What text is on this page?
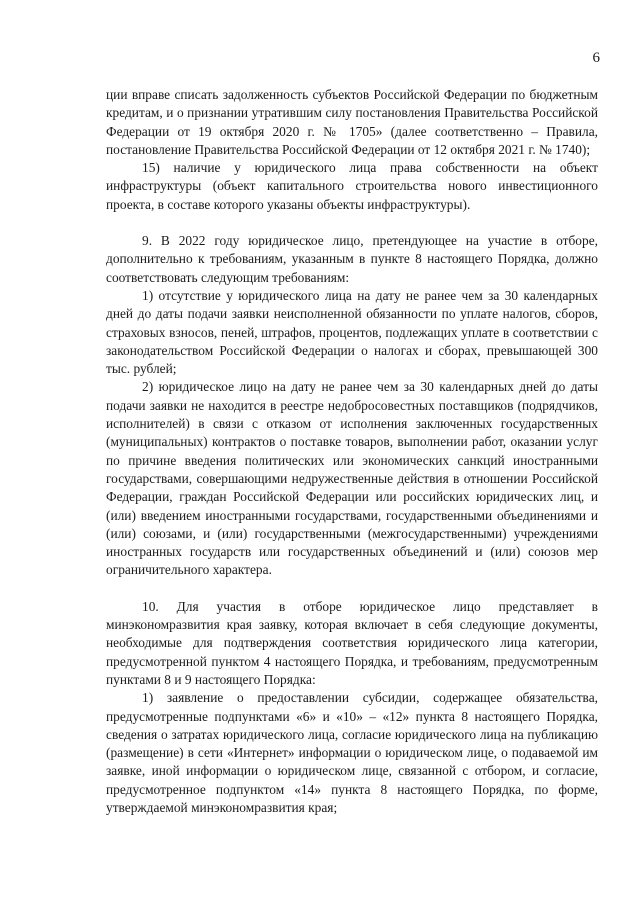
6

ции вправе списать задолженность субъектов Российской Федерации по бюджетным кредитам, и о признании утратившим силу постановления Правительства Российской Федерации от 19 октября 2020 г. № 1705» (далее соответственно – Правила, постановление Правительства Российской Федерации от 12 октября 2021 г. № 1740);

15) наличие у юридического лица права собственности на объект инфраструктуры (объект капитального строительства нового инвестиционного проекта, в составе которого указаны объекты инфраструктуры).

9. В 2022 году юридическое лицо, претендующее на участие в отборе, дополнительно к требованиям, указанным в пункте 8 настоящего Порядка, должно соответствовать следующим требованиям:

1) отсутствие у юридического лица на дату не ранее чем за 30 календарных дней до даты подачи заявки неисполненной обязанности по уплате налогов, сборов, страховых взносов, пеней, штрафов, процентов, подлежащих уплате в соответствии с законодательством Российской Федерации о налогах и сборах, превышающей 300 тыс. рублей;

2) юридическое лицо на дату не ранее чем за 30 календарных дней до даты подачи заявки не находится в реестре недобросовестных поставщиков (подрядчиков, исполнителей) в связи с отказом от исполнения заключенных государственных (муниципальных) контрактов о поставке товаров, выполнении работ, оказании услуг по причине введения политических или экономических санкций иностранными государствами, совершающими недружественные действия в отношении Российской Федерации, граждан Российской Федерации или российских юридических лиц, и (или) введением иностранными государствами, государственными объединениями и (или) союзами, и (или) государственными (межгосударственными) учреждениями иностранных государств или государственных объединений и (или) союзов мер ограничительного характера.

10. Для участия в отборе юридическое лицо представляет в минэкономразвития края заявку, которая включает в себя следующие документы, необходимые для подтверждения соответствия юридического лица категории, предусмотренной пунктом 4 настоящего Порядка, и требованиям, предусмотренным пунктами 8 и 9 настоящего Порядка:

1) заявление о предоставлении субсидии, содержащее обязательства, предусмотренные подпунктами «6» и «10» – «12» пункта 8 настоящего Порядка, сведения о затратах юридического лица, согласие юридического лица на публикацию (размещение) в сети «Интернет» информации о юридическом лице, о подаваемой им заявке, иной информации о юридическом лице, связанной с отбором, и согласие, предусмотренное подпунктом «14» пункта 8 настоящего Порядка, по форме, утверждаемой минэкономразвития края;
